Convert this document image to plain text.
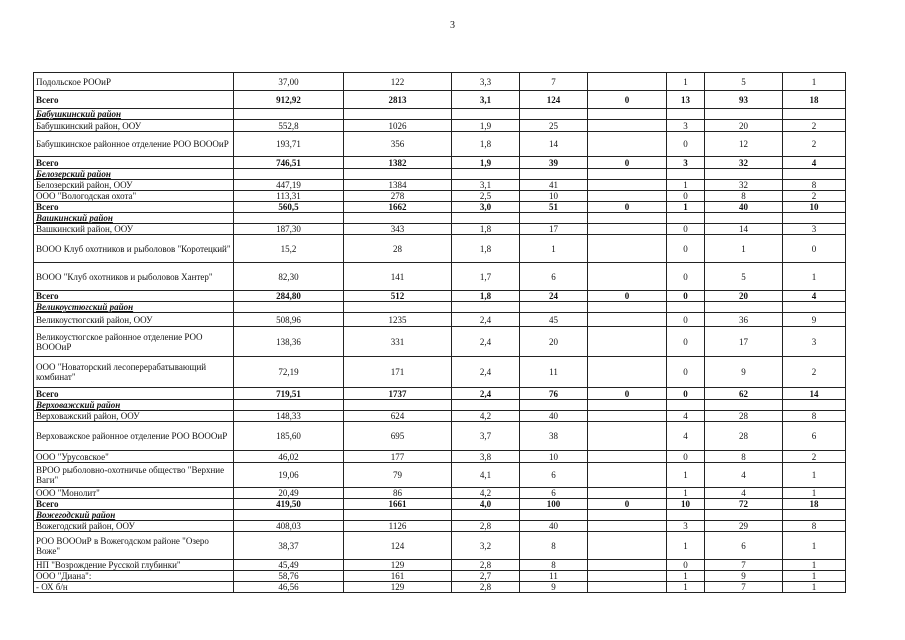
3
Подольское РООиР	37,00	122	3,3	7		1	5	1
Всего	912,92	2813	3,1	124	0	13	93	18
Бабушкинский район								
Бабушкинский район, ООУ	552,8	1026	1,9	25		3	20	2
Бабушкинское районное отделение РОО ВОООиР	193,71	356	1,8	14		0	12	2
Всего	746,51	1382	1,9	39	0	3	32	4
Белозерский район								
Белозерский район, ООУ	447,19	1384	3,1	41		1	32	8
ООО "Вологодская охота"	113,31	278	2,5	10		0	8	2
Всего	560,5	1662	3,0	51	0	1	40	10
Вашкинский район								
Вашкинский район, ООУ	187,30	343	1,8	17		0	14	3
ВООО Клуб охотников и рыболовов "Коротецкий"	15,2	28	1,8	1		0	1	0
ВООО "Клуб охотников и рыболовов Хантер"	82,30	141	1,7	6		0	5	1
Всего	284,80	512	1,8	24	0	0	20	4
Великоустюгский район								
Великоустюгский район, ООУ	508,96	1235	2,4	45		0	36	9
Великоустюгское районное отделение РОО ВОООиР	138,36	331	2,4	20		0	17	3
ООО "Новаторский лесоперерабатывающий комбинат"	72,19	171	2,4	11		0	9	2
Всего	719,51	1737	2,4	76	0	0	62	14
Верховажский район								
Верховажский район, ООУ	148,33	624	4,2	40		4	28	8
Верховажское районное отделение РОО ВОООиР	185,60	695	3,7	38		4	28	6
ООО "Урусовское"	46,02	177	3,8	10		0	8	2
ВРОО рыболовно-охотничье общество "Верхние Ваги"	19,06	79	4,1	6		1	4	1
ООО "Монолит"	20,49	86	4,2	6		1	4	1
Всего	419,50	1661	4,0	100	0	10	72	18
Вожегодский район								
Вожегодский район, ООУ	408,03	1126	2,8	40		3	29	8
РОО ВОООиР в Вожегодском районе "Озеро Воже"	38,37	124	3,2	8		1	6	1
НП "Возрождение Русской глубинки"	45,49	129	2,8	8		0	7	1
ООО "Диана":	58,76	161	2,7	11		1	9	1
- ОХ б/н	46,56	129	2,8	9		1	7	1
